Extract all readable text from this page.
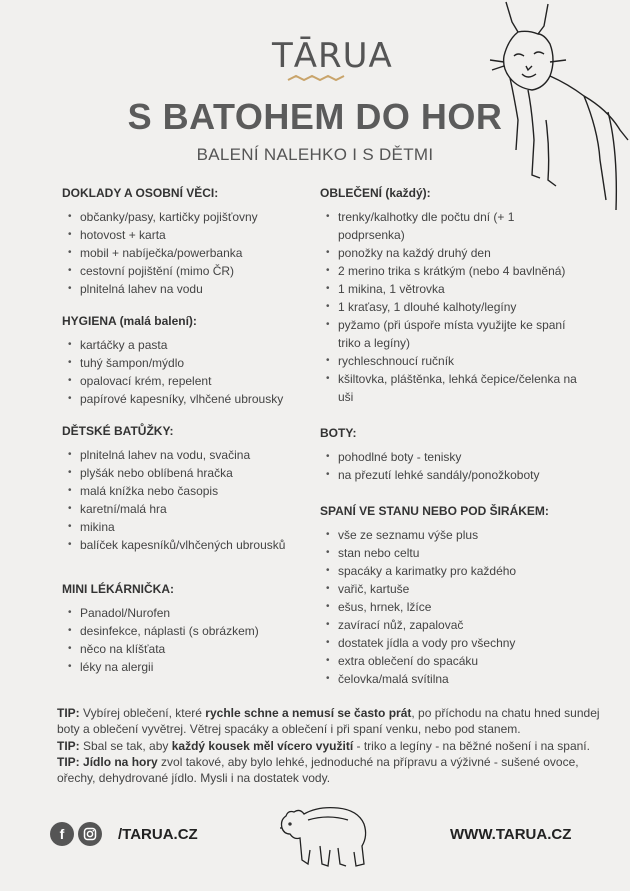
TĀRUA
S BATOHEM DO HOR
BALENÍ NALEHKO I S DĚTMI
DOKLADY A OSOBNÍ VĚCI:
• občanky/pasy, kartičky pojišťovny
• hotovost + karta
• mobil + nabíječka/powerbanka
• cestovní pojištění (mimo ČR)
• plnitelná lahev na vodu
HYGIENA (malá balení):
• kartáčky a pasta
• tuhý šampon/mýdlo
• opalovací krém, repelent
• papírové kapesníky, vlhčené ubrousky
DĚTSKÉ BATŮŽKY:
• plnitelná lahev na vodu, svačina
• plyšák nebo oblíbená hračka
• malá knížka nebo časopis
• karetní/malá hra
• mikina
• balíček kapesníků/vlhčených ubrousků
MINI LÉKÁRNIČKA:
• Panadol/Nurofen
• desinfekce, náplasti (s obrázkem)
• něco na klíšťata
• léky na alergii
OBLEČENÍ (každý):
• trenky/kalhotky dle počtu dní (+ 1 podprsenka)
• ponožky na každý druhý den
• 2 merino trika s krátkým (nebo 4 bavlněná)
• 1 mikina, 1 větrovka
• 1 kraťasy, 1 dlouhé kalhoty/legíny
• pyžamo (při úspoře místa využijte ke spaní triko a legíny)
• rychleschnoucí ručník
• kšiltovka, pláštěnka, lehká čepice/čelenka na uši
BOTY:
• pohodlné boty - tenisky
• na přezutí lehké sandály/ponožkoboty
SPANÍ VE STANU NEBO POD ŠIRÁKEM:
• vše ze seznamu výše plus
• stan nebo celtu
• spacáky a karimatky pro každého
• vařič, kartuše
• ešus, hrnek, lžíce
• zavírací nůž, zapalovač
• dostatek jídla a vody pro všechny
• extra oblečení do spacáku
• čelovka/malá svítilna
TIP: Vybírej oblečení, které rychle schne a nemusí se často prát, po příchodu na chatu hned sundej boty a oblečení vyvětrej. Větrej spacáky a oblečení i při spaní venku, nebo pod stanem.
TIP: Sbal se tak, aby každý kousek měl vícero využití - triko a legíny - na běžné nošení i na spaní.
TIP: Jídlo na hory zvol takové, aby bylo lehké, jednoduché na přípravu a výživné - sušené ovoce, ořechy, dehydrované jídlo. Mysli i na dostatek vody.
f	/TARUA.CZ	WWW.TARUA.CZ
